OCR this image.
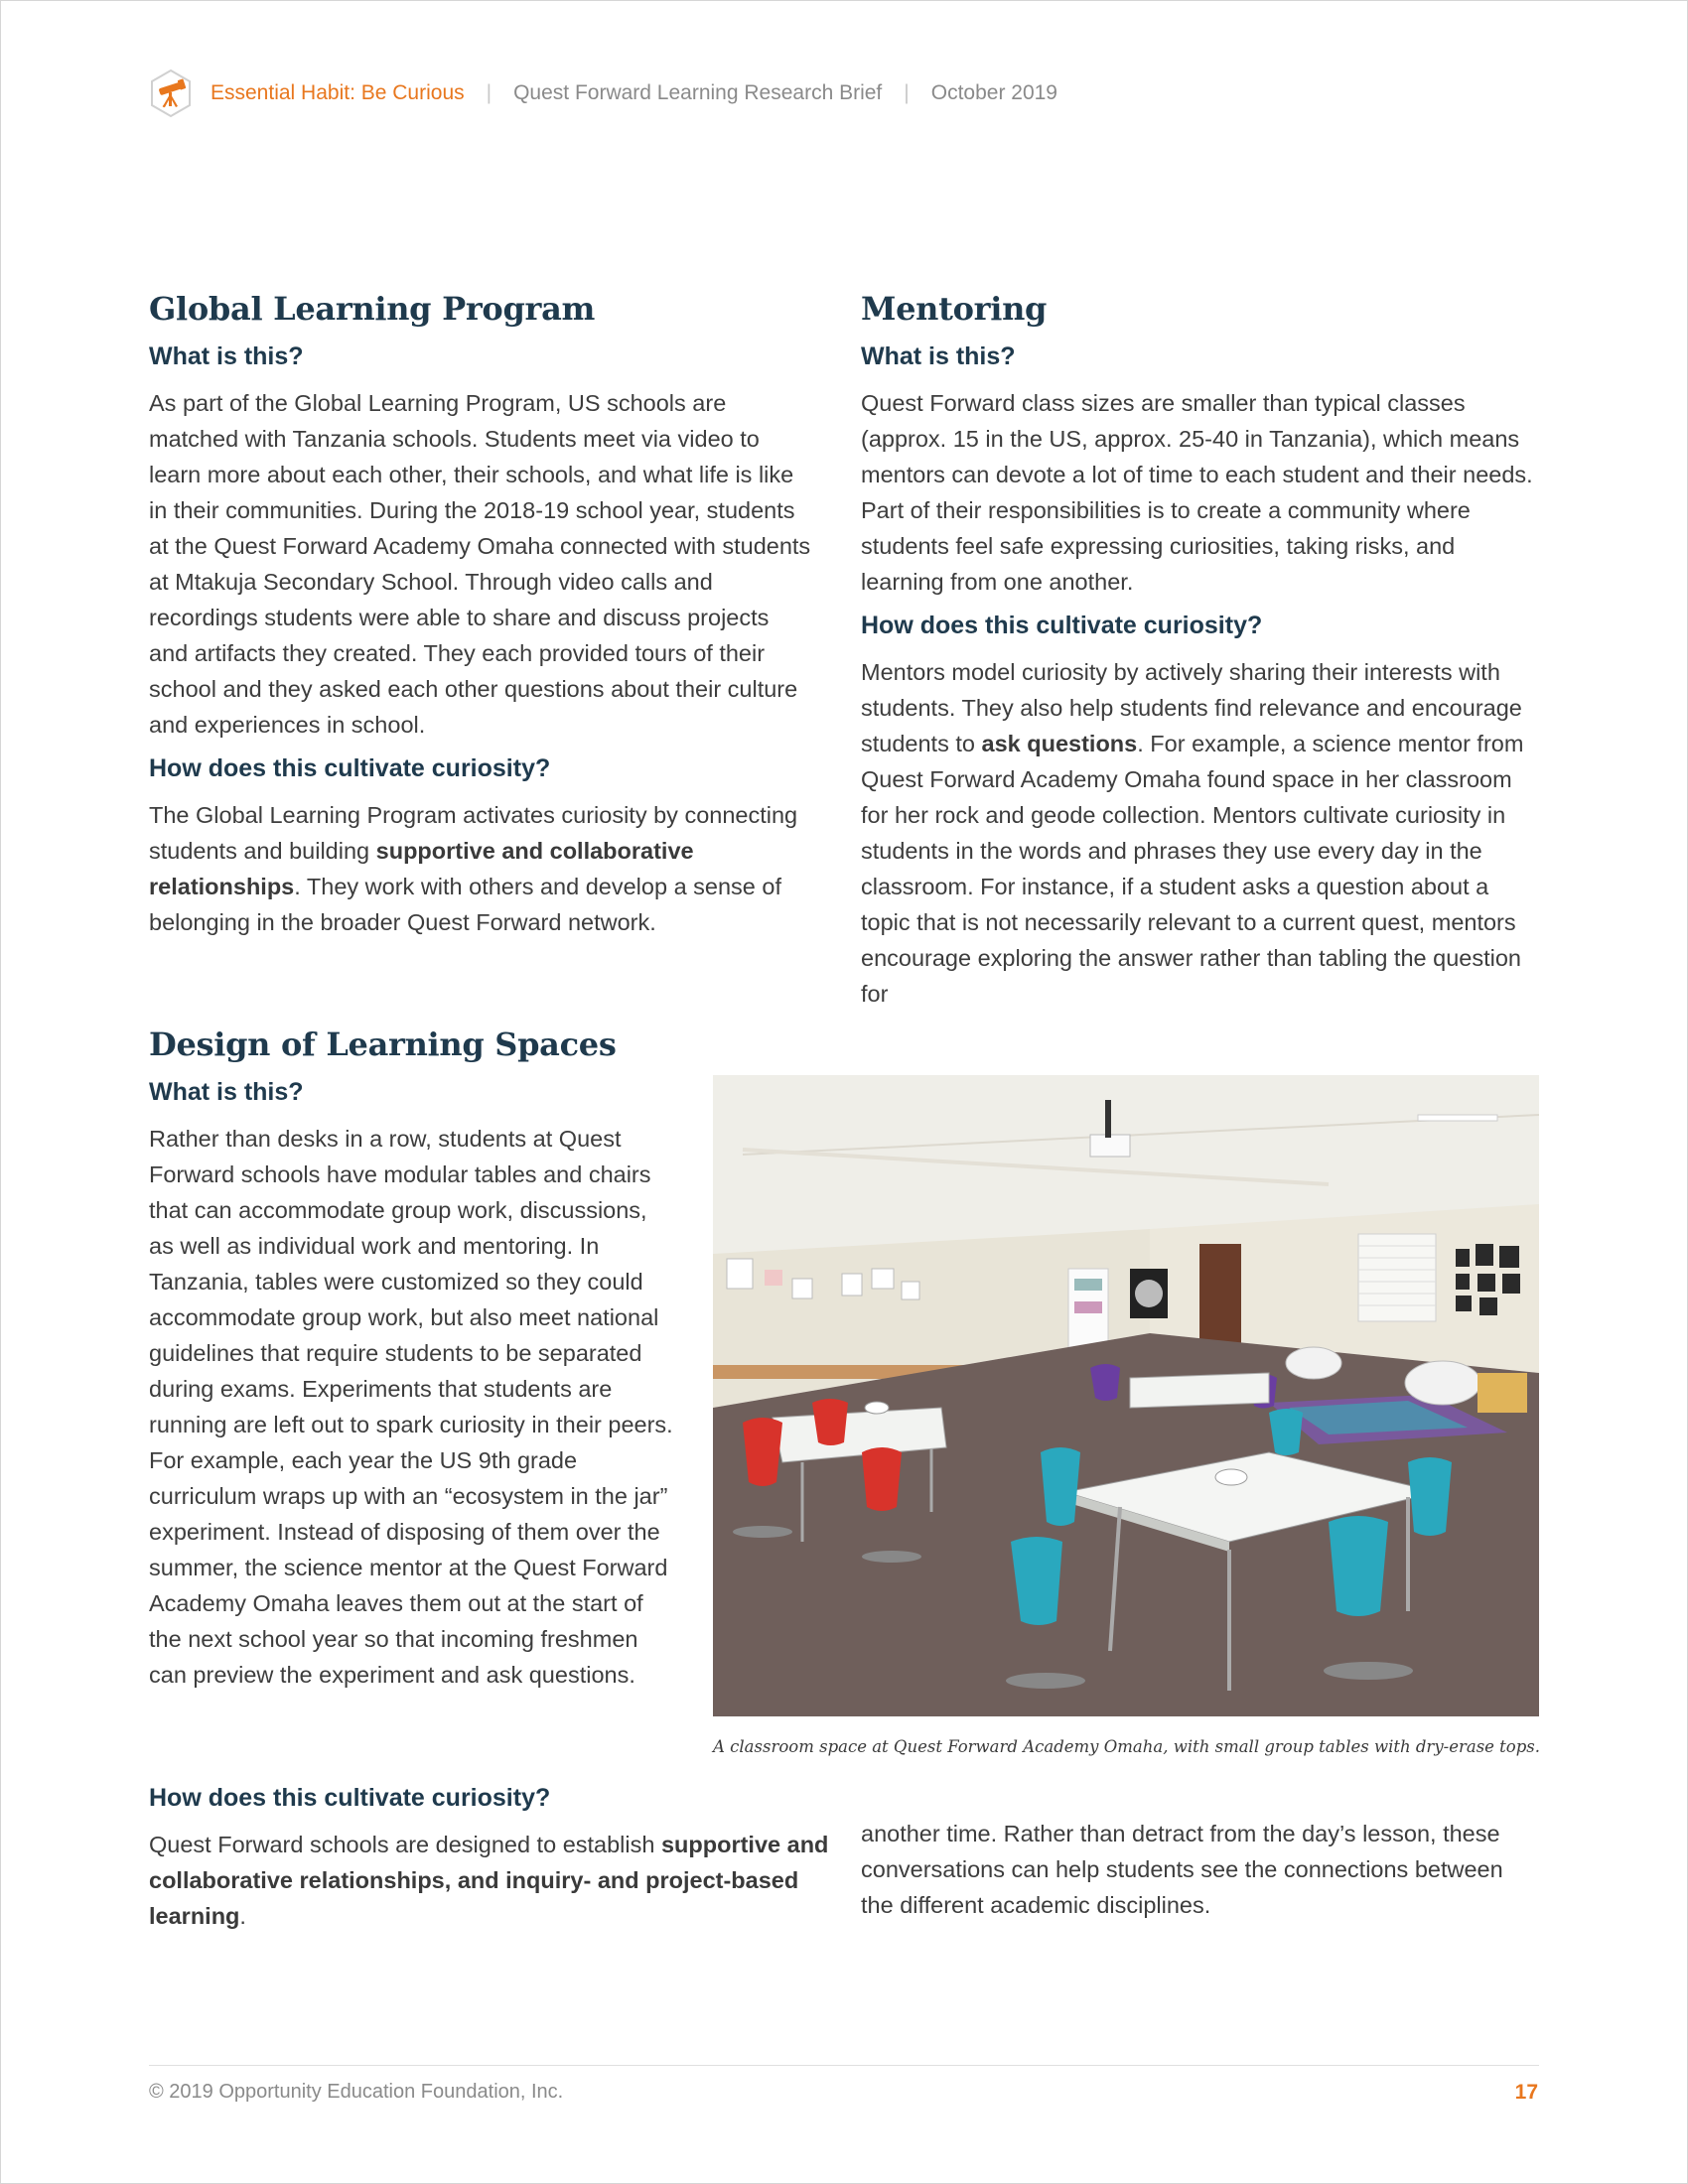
Essential Habit: Be Curious | Quest Forward Learning Research Brief | October 2019
Global Learning Program
What is this?

As part of the Global Learning Program, US schools are matched with Tanzania schools. Students meet via video to learn more about each other, their schools, and what life is like in their communities. During the 2018-19 school year, students at the Quest Forward Academy Omaha connected with students at Mtakuja Secondary School. Through video calls and recordings students were able to share and discuss projects and artifacts they created. They each provided tours of their school and they asked each other questions about their culture and experiences in school.

How does this cultivate curiosity?

The Global Learning Program activates curiosity by connecting students and building supportive and collaborative relationships. They work with others and develop a sense of belonging in the broader Quest Forward network.

Design of Learning Spaces
What is this?

Rather than desks in a row, students at Quest Forward schools have modular tables and chairs that can accommodate group work, discussions, as well as individual work and mentoring. In Tanzania, tables were customized so they could accommodate group work, but also meet national guidelines that require students to be separated during exams. Experiments that students are running are left out to spark curiosity in their peers. For example, each year the US 9th grade curriculum wraps up with an “ecosystem in the jar” experiment. Instead of disposing of them over the summer, the science mentor at the Quest Forward Academy Omaha leaves them out at the start of the next school year so that incoming freshmen can preview the experiment and ask questions.

How does this cultivate curiosity?

Quest Forward schools are designed to establish supportive and collaborative relationships, and inquiry- and project-based learning.

Mentoring
What is this?

Quest Forward class sizes are smaller than typical classes (approx. 15 in the US, approx. 25-40 in Tanzania), which means mentors can devote a lot of time to each student and their needs. Part of their responsibilities is to create a community where students feel safe expressing curiosities, taking risks, and learning from one another.

How does this cultivate curiosity?

Mentors model curiosity by actively sharing their interests with students. They also help students find relevance and encourage students to ask questions. For example, a science mentor from Quest Forward Academy Omaha found space in her classroom for her rock and geode collection. Mentors cultivate curiosity in students in the words and phrases they use every day in the classroom. For instance, if a student asks a question about a topic that is not necessarily relevant to a current quest, mentors encourage exploring the answer rather than tabling the question for

another time. Rather than detract from the day’s lesson, these conversations can help students see the connections between the different academic disciplines.

A classroom space at Quest Forward Academy Omaha, with small group tables with dry-erase tops.
© 2019 Opportunity Education Foundation, Inc.	17
